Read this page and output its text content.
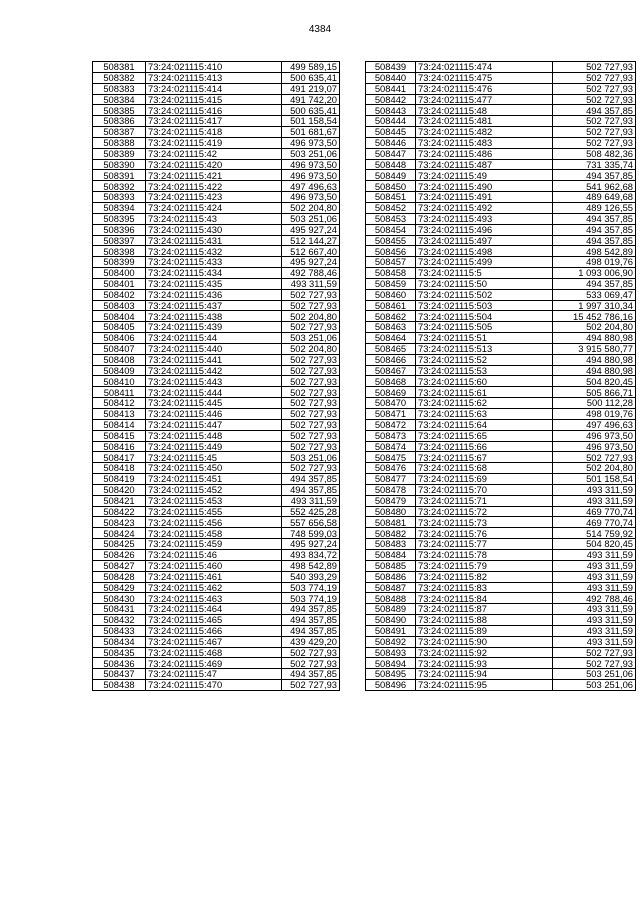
4384
508381	73:24:021115:410	499 589,15
508382	73:24:021115:413	500 635,41
508383	73:24:021115:414	491 219,07
508384	73:24:021115:415	491 742,20
508385	73:24:021115:416	500 635,41
508386	73:24:021115:417	501 158,54
508387	73:24:021115:418	501 681,67
508388	73:24:021115:419	496 973,50
508389	73:24:021115:42	503 251,06
508390	73:24:021115:420	496 973,50
508391	73:24:021115:421	496 973,50
508392	73:24:021115:422	497 496,63
508393	73:24:021115:423	496 973,50
508394	73:24:021115:424	502 204,80
508395	73:24:021115:43	503 251,06
508396	73:24:021115:430	495 927,24
508397	73:24:021115:431	512 144,27
508398	73:24:021115:432	512 667,40
508399	73:24:021115:433	495 927,24
508400	73:24:021115:434	492 788,46
508401	73:24:021115:435	493 311,59
508402	73:24:021115:436	502 727,93
508403	73:24:021115:437	502 727,93
508404	73:24:021115:438	502 204,80
508405	73:24:021115:439	502 727,93
508406	73:24:021115:44	503 251,06
508407	73:24:021115:440	502 204,80
508408	73:24:021115:441	502 727,93
508409	73:24:021115:442	502 727,93
508410	73:24:021115:443	502 727,93
508411	73:24:021115:444	502 727,93
508412	73:24:021115:445	502 727,93
508413	73:24:021115:446	502 727,93
508414	73:24:021115:447	502 727,93
508415	73:24:021115:448	502 727,93
508416	73:24:021115:449	502 727,93
508417	73:24:021115:45	503 251,06
508418	73:24:021115:450	502 727,93
508419	73:24:021115:451	494 357,85
508420	73:24:021115:452	494 357,85
508421	73:24:021115:453	493 311,59
508422	73:24:021115:455	552 425,28
508423	73:24:021115:456	557 656,58
508424	73:24:021115:458	748 599,03
508425	73:24:021115:459	495 927,24
508426	73:24:021115:46	493 834,72
508427	73:24:021115:460	498 542,89
508428	73:24:021115:461	540 393,29
508429	73:24:021115:462	503 774,19
508430	73:24:021115:463	503 774,19
508431	73:24:021115:464	494 357,85
508432	73:24:021115:465	494 357,85
508433	73:24:021115:466	494 357,85
508434	73:24:021115:467	439 429,20
508435	73:24:021115:468	502 727,93
508436	73:24:021115:469	502 727,93
508437	73:24:021115:47	494 357,85
508438	73:24:021115:470	502 727,93
508439	73:24:021115:474	502 727,93
508440	73:24:021115:475	502 727,93
508441	73:24:021115:476	502 727,93
508442	73:24:021115:477	502 727,93
508443	73:24:021115:48	494 357,85
508444	73:24:021115:481	502 727,93
508445	73:24:021115:482	502 727,93
508446	73:24:021115:483	502 727,93
508447	73:24:021115:486	508 482,36
508448	73:24:021115:487	731 335,74
508449	73:24:021115:49	494 357,85
508450	73:24:021115:490	541 962,68
508451	73:24:021115:491	489 649,68
508452	73:24:021115:492	489 126,55
508453	73:24:021115:493	494 357,85
508454	73:24:021115:496	494 357,85
508455	73:24:021115:497	494 357,85
508456	73:24:021115:498	498 542,89
508457	73:24:021115:499	498 019,76
508458	73:24:021115:5	1 093 006,90
508459	73:24:021115:50	494 357,85
508460	73:24:021115:502	533 069,47
508461	73:24:021115:503	1 997 310,34
508462	73:24:021115:504	15 452 786,16
508463	73:24:021115:505	502 204,80
508464	73:24:021115:51	494 880,98
508465	73:24:021115:513	3 915 580,77
508466	73:24:021115:52	494 880,98
508467	73:24:021115:53	494 880,98
508468	73:24:021115:60	504 820,45
508469	73:24:021115:61	505 866,71
508470	73:24:021115:62	500 112,28
508471	73:24:021115:63	498 019,76
508472	73:24:021115:64	497 496,63
508473	73:24:021115:65	496 973,50
508474	73:24:021115:66	496 973,50
508475	73:24:021115:67	502 727,93
508476	73:24:021115:68	502 204,80
508477	73:24:021115:69	501 158,54
508478	73:24:021115:70	493 311,59
508479	73:24:021115:71	493 311,59
508480	73:24:021115:72	469 770,74
508481	73:24:021115:73	469 770,74
508482	73:24:021115:76	514 759,92
508483	73:24:021115:77	504 820,45
508484	73:24:021115:78	493 311,59
508485	73:24:021115:79	493 311,59
508486	73:24:021115:82	493 311,59
508487	73:24:021115:83	493 311,59
508488	73:24:021115:84	492 788,46
508489	73:24:021115:87	493 311,59
508490	73:24:021115:88	493 311,59
508491	73:24:021115:89	493 311,59
508492	73:24:021115:90	493 311,59
508493	73:24:021115:92	502 727,93
508494	73:24:021115:93	502 727,93
508495	73:24:021115:94	503 251,06
508496	73:24:021115:95	503 251,06
